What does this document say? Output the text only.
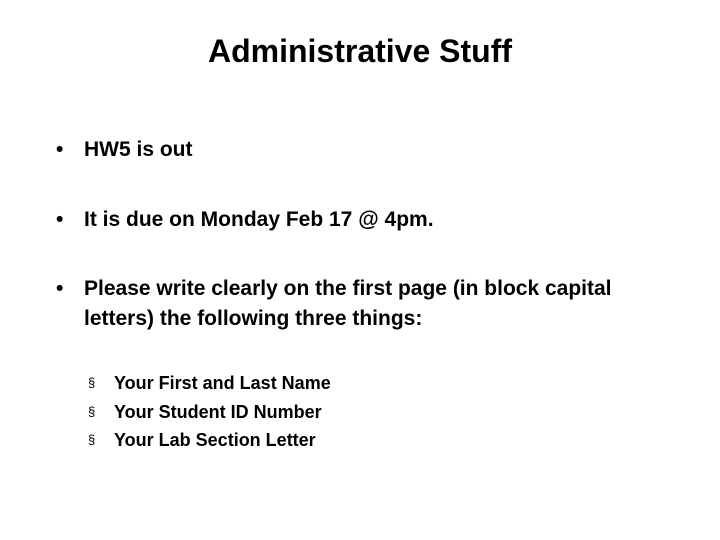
Administrative Stuff
• HW5 is out
• It is due on Monday Feb 17 @ 4pm.
• Please write clearly on the first page (in block capital letters) the following three things:
§ Your First and Last Name
§ Your Student ID Number
§ Your Lab Section Letter
